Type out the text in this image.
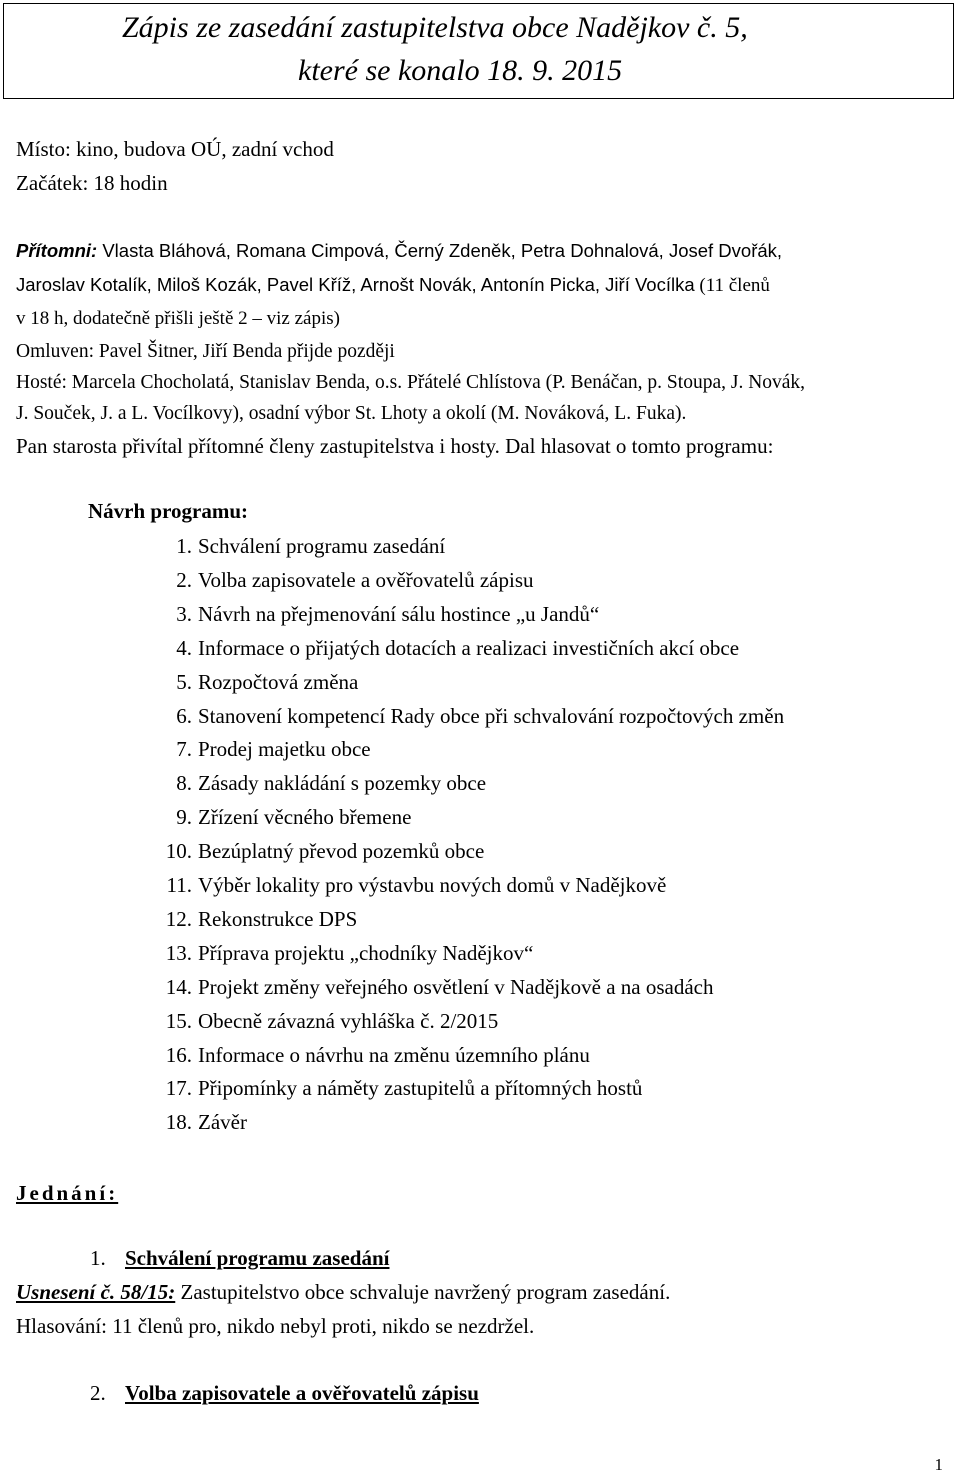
Zápis ze zasedání zastupitelstva obce Nadějkov č. 5,
které se konalo 18. 9. 2015
Místo: kino, budova OÚ, zadní vchod
Začátek: 18 hodin
Přítomni: Vlasta Bláhová, Romana Cimpová, Černý Zdeněk, Petra Dohnalová, Josef Dvořák,
Jaroslav Kotalík, Miloš Kozák, Pavel Kříž, Arnošt Novák, Antonín Picka, Jiří Vocílka (11 členů
v 18 h, dodatečně přišli ještě 2 – viz zápis)
Omluven: Pavel Šitner, Jiří Benda přijde později
Hosté: Marcela Chocholatá, Stanislav Benda, o.s. Přátelé Chlístova (P. Benáčan, p. Stoupa, J. Novák,
J. Souček, J. a L. Vocílkovy), osadní výbor St. Lhoty a okolí (M. Nováková, L. Fuka).
Pan starosta přivítal přítomné členy zastupitelstva i hosty. Dal hlasovat o tomto programu:
Návrh programu:
1. Schválení programu zasedání
2. Volba zapisovatele a ověřovatelů zápisu
3. Návrh na přejmenování sálu hostince „u Jandů“
4. Informace o přijatých dotacích a realizaci investičních akcí obce
5. Rozpočtová změna
6. Stanovení kompetencí Rady obce při schvalování rozpočtových změn
7. Prodej majetku obce
8. Zásady nakládání s pozemky obce
9. Zřízení věcného břemene
10. Bezúplatný převod pozemků obce
11. Výběr lokality pro výstavbu nových domů v Nadějkově
12. Rekonstrukce DPS
13. Příprava projektu „chodníky Nadějkov“
14. Projekt změny veřejného osvětlení v Nadějkově a na osadách
15. Obecně závazná vyhláška č. 2/2015
16. Informace o návrhu na změnu územního plánu
17. Připomínky a náměty zastupitelů a přítomných hostů
18. Závěr
Jednání:
1. Schválení programu zasedání
Usnesení č. 58/15: Zastupitelstvo obce schvaluje navržený program zasedání.
Hlasování: 11 členů pro, nikdo nebyl proti, nikdo se nezdržel.
2. Volba zapisovatele a ověřovatelů zápisu
1
